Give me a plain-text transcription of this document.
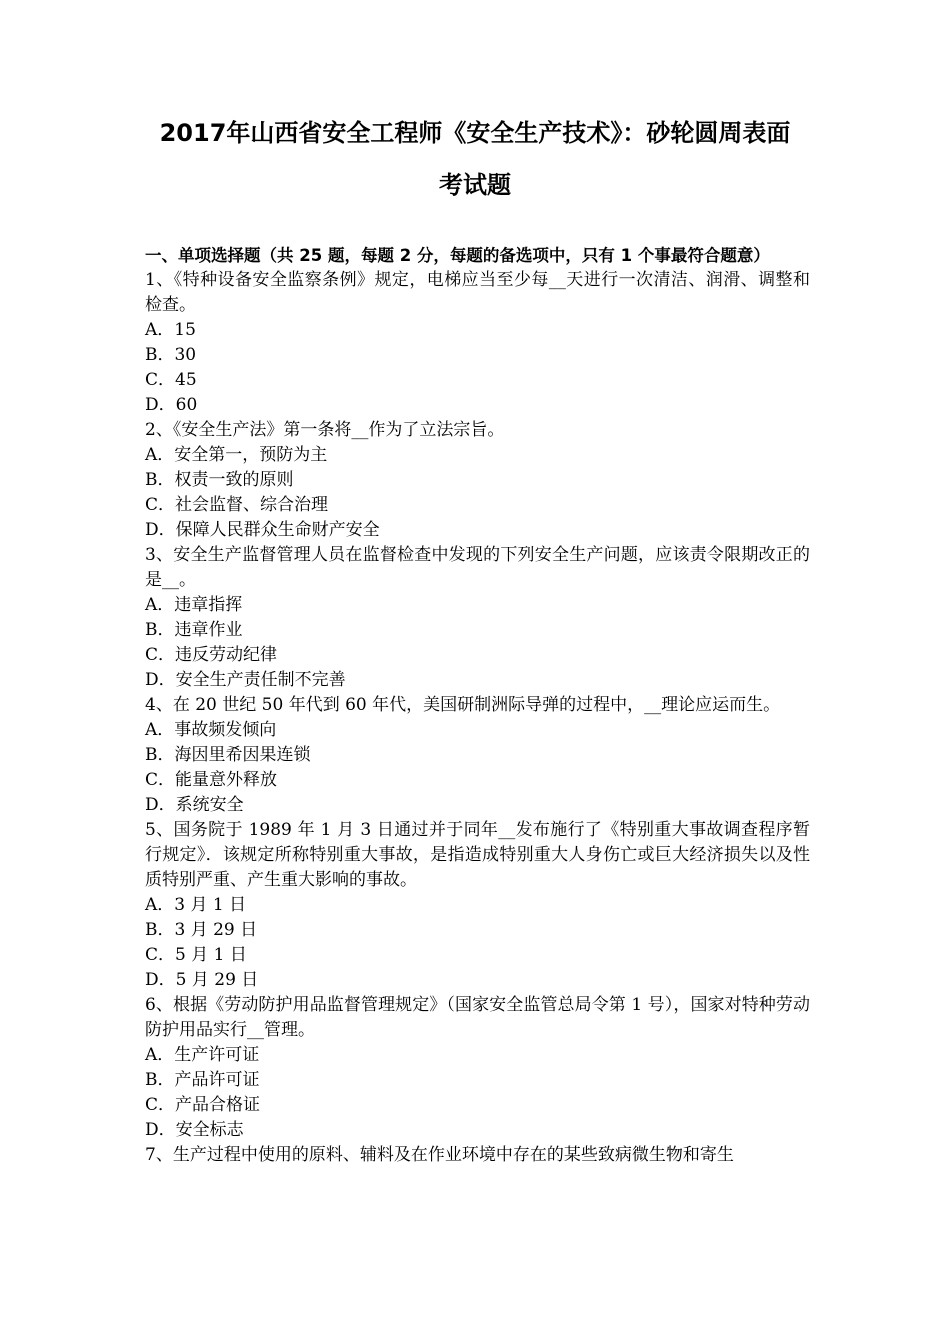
2017年山西省安全工程师《安全生产技术》：砂轮圆周表面
考试题
一、单项选择题（共 25 题，每题 2 分，每题的备选项中，只有 1 个事最符合题意）
1、《特种设备安全监察条例》规定，电梯应当至少每__天进行一次清洁、润滑、调整和检查。
A．15
B．30
C．45
D．60
2、《安全生产法》第一条将__作为了立法宗旨。
A．安全第一，预防为主
B．权责一致的原则
C．社会监督、综合治理
D．保障人民群众生命财产安全
3、安全生产监督管理人员在监督检查中发现的下列安全生产问题，应该责令限期改正的是__。
A．违章指挥
B．违章作业
C．违反劳动纪律
D．安全生产责任制不完善
4、在 20 世纪 50 年代到 60 年代，美国研制洲际导弹的过程中，__理论应运而生。
A．事故频发倾向
B．海因里希因果连锁
C．能量意外释放
D．系统安全
5、国务院于 1989 年 1 月 3 日通过并于同年__发布施行了《特别重大事故调查程序暂行规定》．该规定所称特别重大事故，是指造成特别重大人身伤亡或巨大经济损失以及性质特别严重、产生重大影响的事故。
A．3 月 1 日
B．3 月 29 日
C．5 月 1 日
D．5 月 29 日
6、根据《劳动防护用品监督管理规定》（国家安全监管总局令第 1 号），国家对特种劳动防护用品实行__管理。
A．生产许可证
B．产品许可证
C．产品合格证
D．安全标志
7、生产过程中使用的原料、辅料及在作业环境中存在的某些致病微生物和寄生
